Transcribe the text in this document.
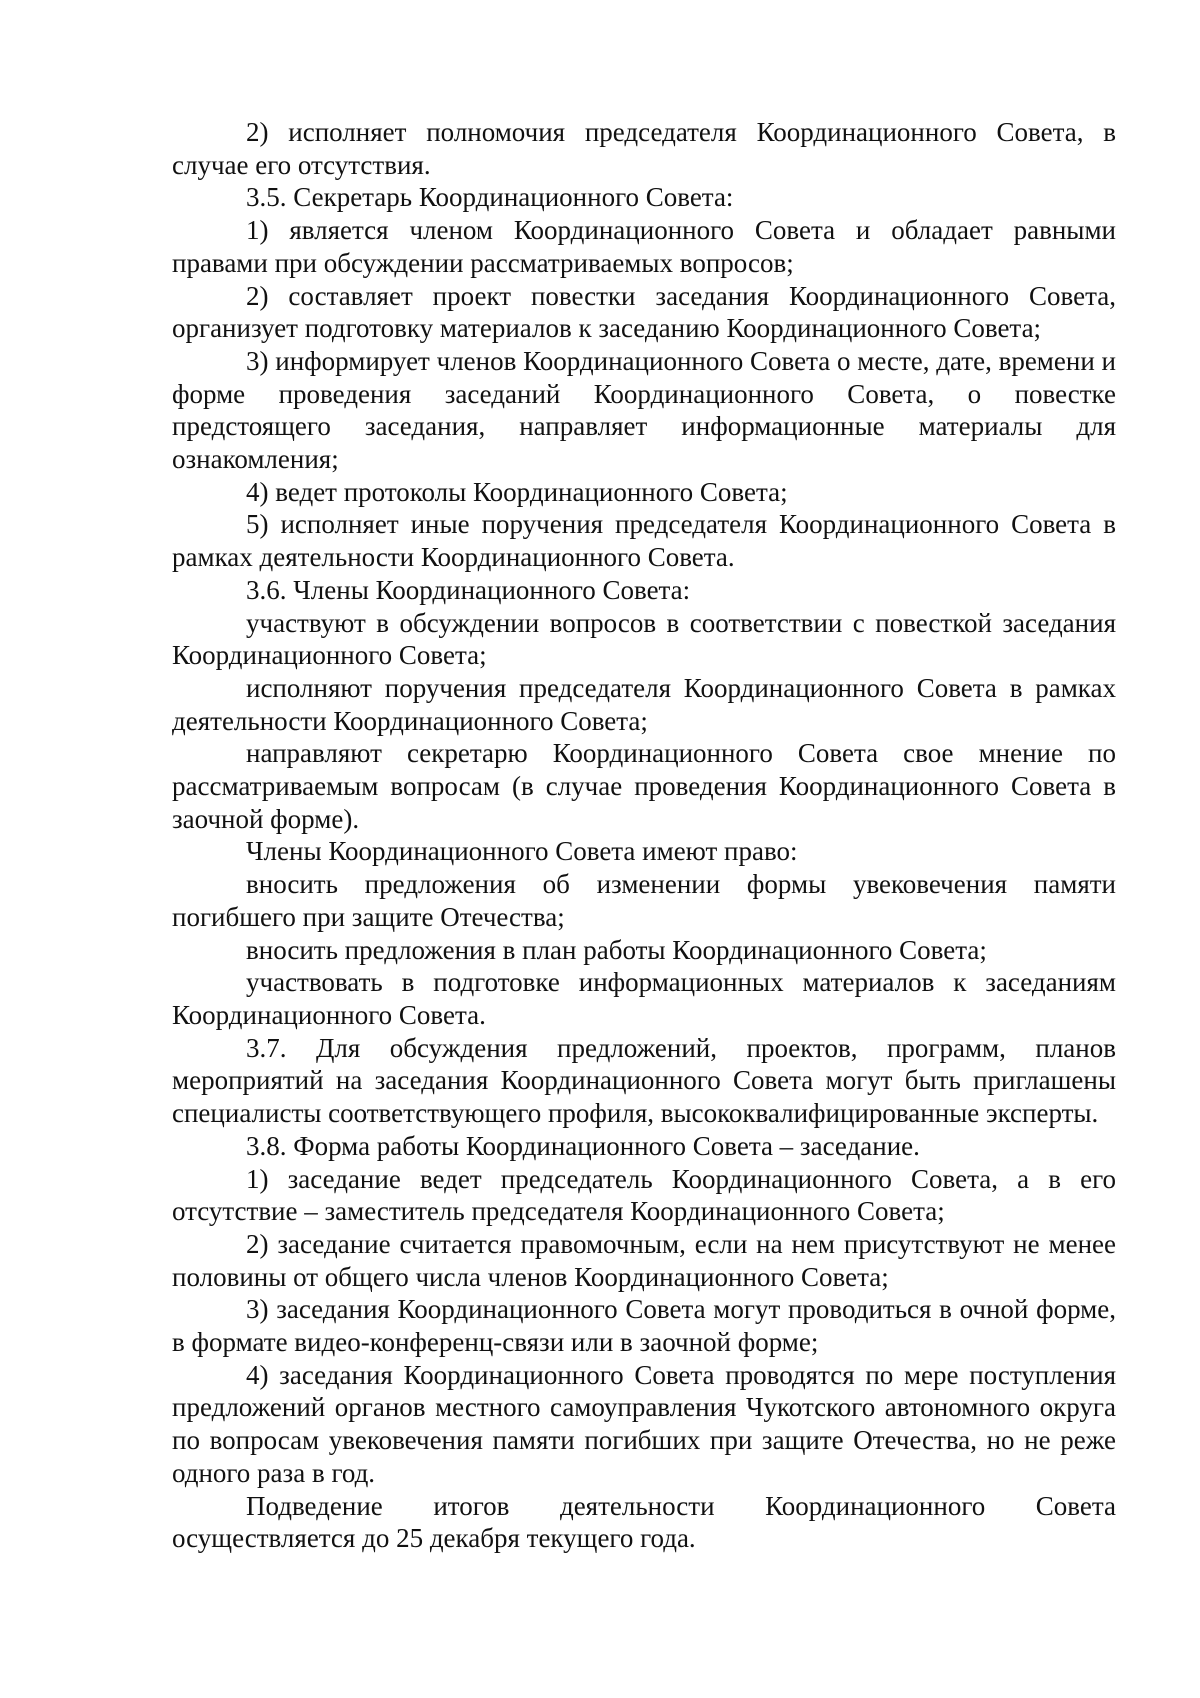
2) исполняет полномочия председателя Координационного Совета, в случае его отсутствия.

3.5. Секретарь Координационного Совета:

1) является членом Координационного Совета и обладает равными правами при обсуждении рассматриваемых вопросов;

2) составляет проект повестки заседания Координационного Совета, организует подготовку материалов к заседанию Координационного Совета;

3) информирует членов Координационного Совета о месте, дате, времени и форме проведения заседаний Координационного Совета, о повестке предстоящего заседания, направляет информационные материалы для ознакомления;

4) ведет протоколы Координационного Совета;

5) исполняет иные поручения председателя Координационного Совета в рамках деятельности Координационного Совета.

3.6. Члены Координационного Совета:

участвуют в обсуждении вопросов в соответствии с повесткой заседания Координационного Совета;

исполняют поручения председателя Координационного Совета в рамках деятельности Координационного Совета;

направляют секретарю Координационного Совета свое мнение по рассматриваемым вопросам (в случае проведения Координационного Совета в заочной форме).

Члены Координационного Совета имеют право:

вносить предложения об изменении формы увековечения памяти погибшего при защите Отечества;

вносить предложения в план работы Координационного Совета;

участвовать в подготовке информационных материалов к заседаниям Координационного Совета.

3.7. Для обсуждения предложений, проектов, программ, планов мероприятий на заседания Координационного Совета могут быть приглашены специалисты соответствующего профиля, высококвалифицированные эксперты.

3.8. Форма работы Координационного Совета – заседание.

1) заседание ведет председатель Координационного Совета, а в его отсутствие – заместитель председателя Координационного Совета;

2) заседание считается правомочным, если на нем присутствуют не менее половины от общего числа членов Координационного Совета;

3) заседания Координационного Совета могут проводиться в очной форме, в формате видео-конференц-связи или в заочной форме;

4) заседания Координационного Совета проводятся по мере поступления предложений органов местного самоуправления Чукотского автономного округа по вопросам увековечения памяти погибших при защите Отечества, но не реже одного раза в год.

Подведение итогов деятельности Координационного Совета осуществляется до 25 декабря текущего года.
